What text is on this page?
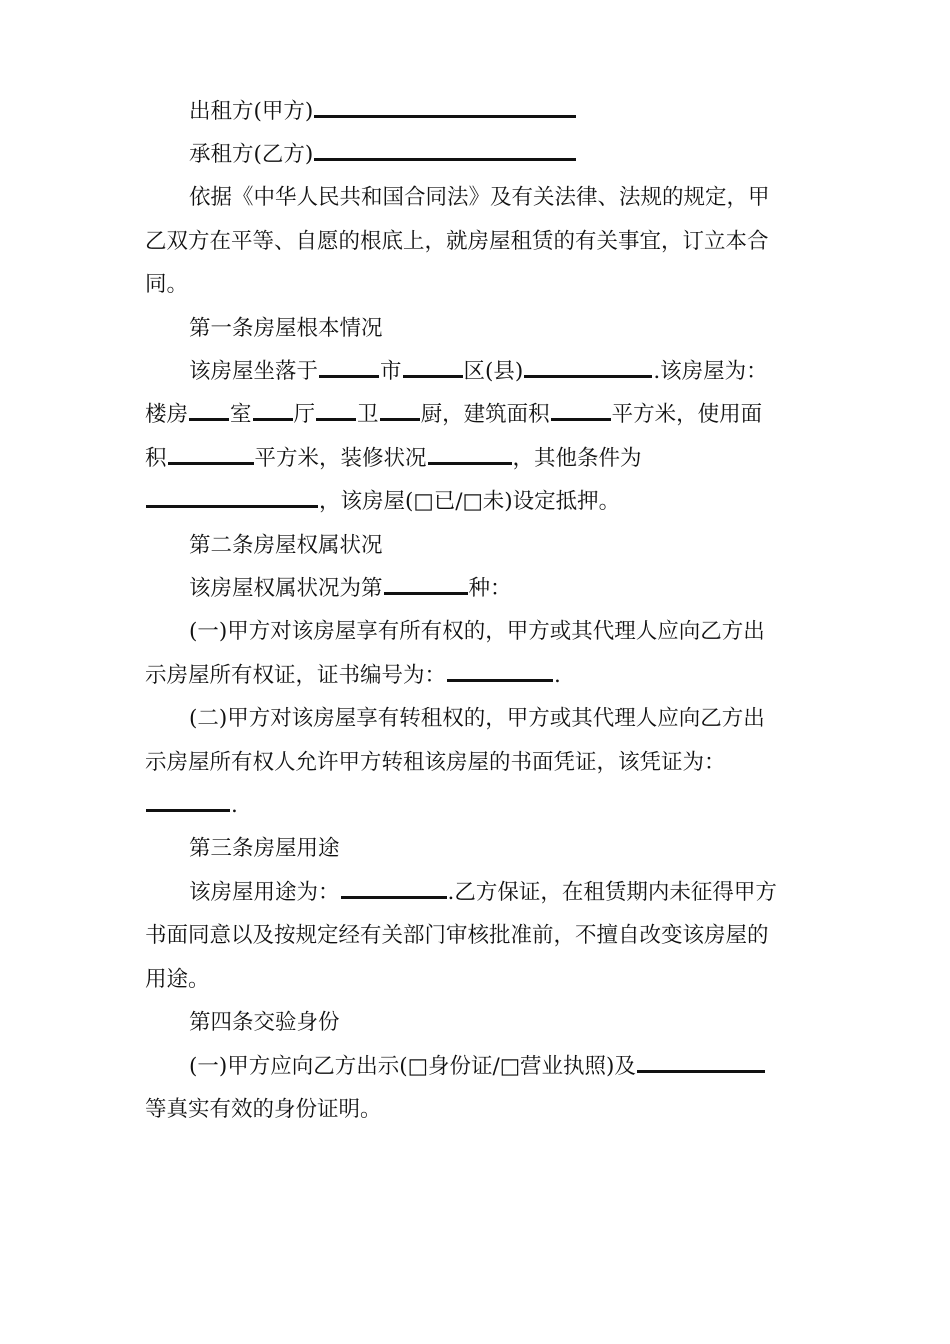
出租方(甲方)
承租方(乙方)
依据《中华人民共和国合同法》及有关法律、法规的规定，甲
乙双方在平等、自愿的根底上，就房屋租赁的有关事宜，订立本合
同。
第一条房屋根本情况
该房屋坐落于	市	区(县)	.该房屋为：
楼房 室 厅 卫 厨，建筑面积	平方米，使用面
积	平方米，装修状况	，其他条件为
，该房屋(□已/□未)设定抵押。
第二条房屋权属状况
该房屋权属状况为第	种：
(一)甲方对该房屋享有所有权的，甲方或其代理人应向乙方出
示房屋所有权证，证书编号为：	.
(二)甲方对该房屋享有转租权的，甲方或其代理人应向乙方出
示房屋所有权人允许甲方转租该房屋的书面凭证，该凭证为：
.
第三条房屋用途
该房屋用途为：	.乙方保证，在租赁期内未征得甲方
书面同意以及按规定经有关部门审核批准前，不擅自改变该房屋的
用途。
第四条交验身份
(一)甲方应向乙方出示(□身份证/□营业执照)及
等真实有效的身份证明。
